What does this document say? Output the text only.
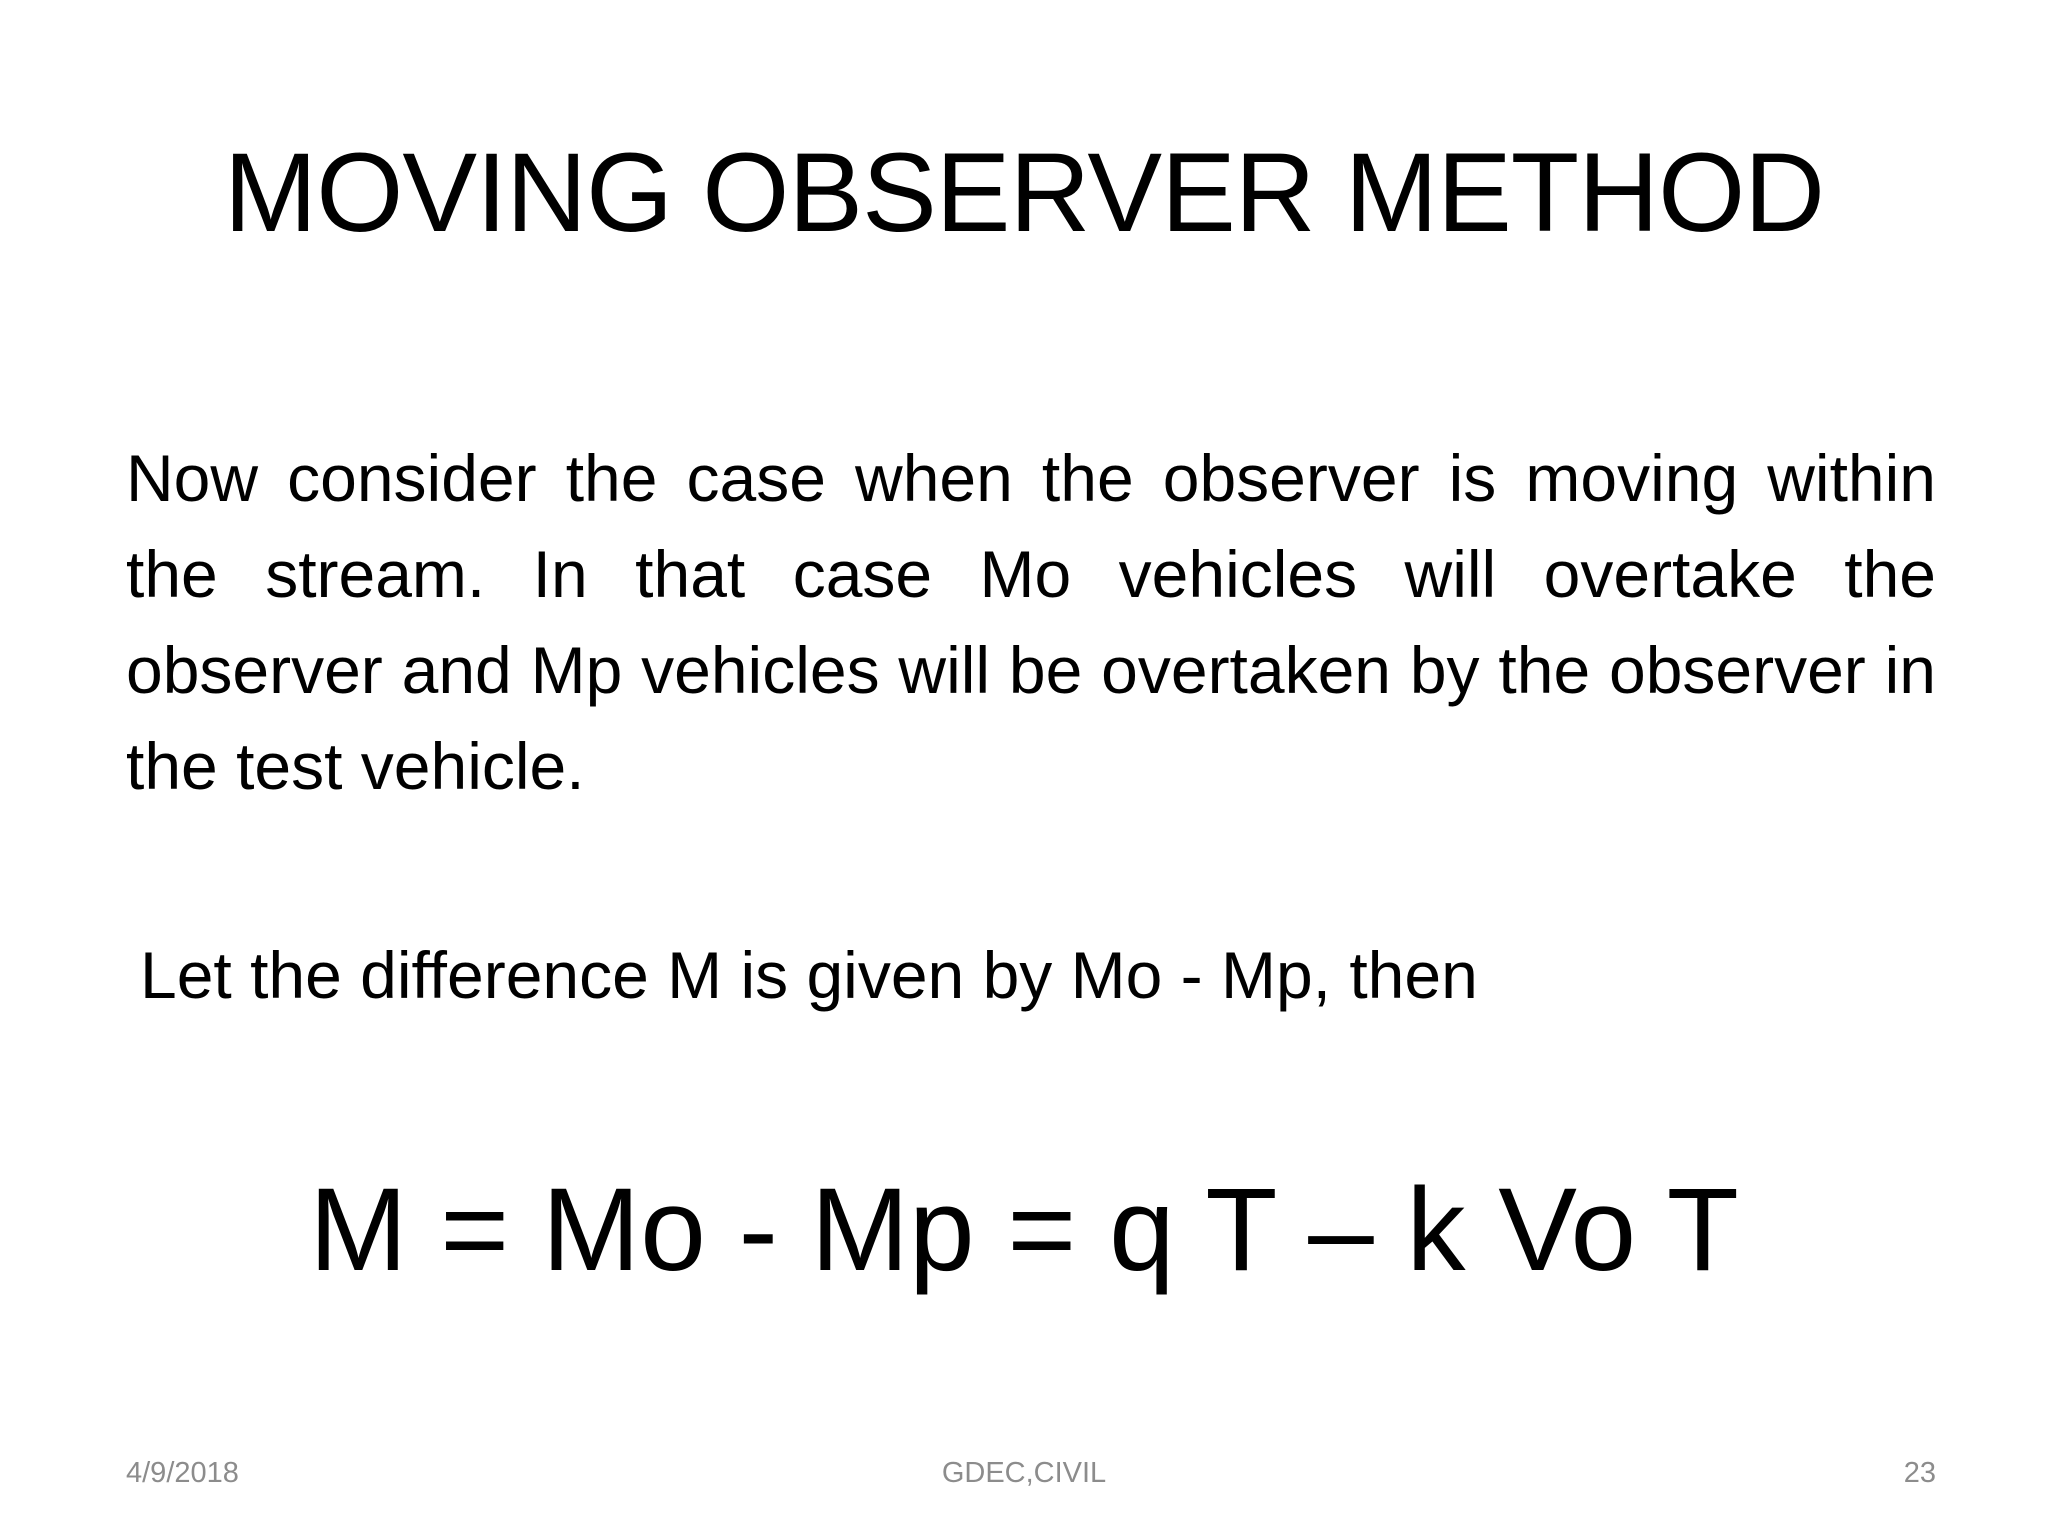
MOVING OBSERVER METHOD
Now consider the case when the observer is moving within the stream. In that case Mo vehicles will overtake the observer and Mp vehicles will be overtaken by the observer in the test vehicle.
Let the difference M is given by Mo - Mp, then
M = Mo - Mp = q T – k Vo T
4/9/2018	GDEC,CIVIL	23
